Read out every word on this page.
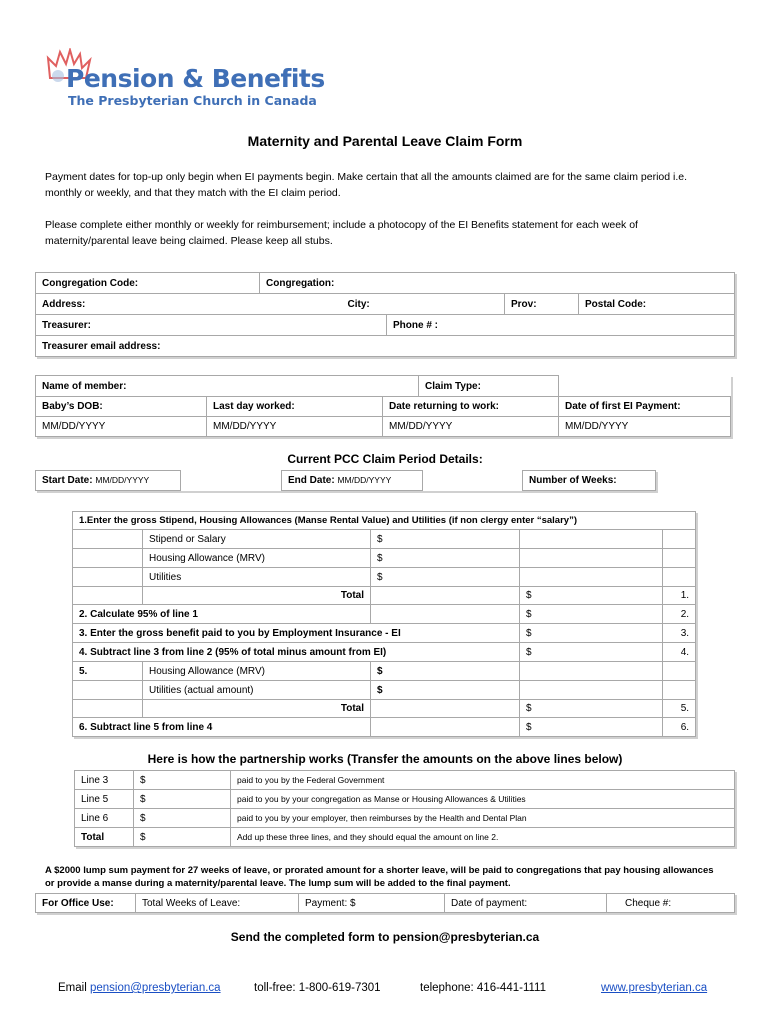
Pension & Benefits
The Presbyterian Church in Canada
Maternity and Parental Leave Claim Form
Payment dates for top-up only begin when EI payments begin. Make certain that all the amounts claimed are for the same claim period i.e. monthly or weekly, and that they match with the EI claim period.
Please complete either monthly or weekly for reimbursement; include a photocopy of the EI Benefits statement for each week of maternity/parental leave being claimed. Please keep all stubs.
Congregation Code:	Congregation:				
Address:		City:		Prov:	Postal Code:
Treasurer:			Phone # :		
Treasurer email address:					
Name of member:			Claim Type:	
Baby’s DOB:	Last day worked:	Date returning to work:		Date of first EI Payment:
MM/DD/YYYY	MM/DD/YYYY	MM/DD/YYYY		MM/DD/YYYY
Current PCC Claim Period Details:
Start Date: MM/DD/YYYY		End Date: MM/DD/YYYY		Number of Weeks:
1.Enter the gross Stipend, Housing Allowances (Manse Rental Value) and Utilities (if non clergy enter “salary”)				
	Stipend or Salary	$		
	Housing Allowance (MRV)	$		
	Utilities	$		
	Total		$	1.
2. Calculate 95% of line 1			$	2.
3. Enter the gross benefit paid to you by Employment Insurance - EI			$	3.
4. Subtract line 3 from line 2 (95% of total minus amount from EI)			$	4.
5.	Housing Allowance (MRV)	$		
	Utilities (actual amount)	$		
	Total		$	5.
6. Subtract line 5 from line 4			$	6.
Here is how the partnership works (Transfer the amounts on the above lines below)
Line 3	$	paid to you by the Federal Government
Line 5	$	paid to you by your congregation as Manse or Housing Allowances & Utilities
Line 6	$	paid to you by your employer, then reimburses by the Health and Dental Plan
Total	$	Add up these three lines, and they should equal the amount on line 2.
A $2000 lump sum payment for 27 weeks of leave, or prorated amount for a shorter leave, will be paid to congregations that pay housing allowances or provide a manse during a maternity/parental leave. The lump sum will be added to the final payment.
For Office Use:	Total Weeks of Leave:	Payment: $	Date of payment:	Cheque #:
Send the completed form to pension@presbyterian.ca
Email pension@presbyterian.ca	toll-free: 1-800-619-7301	telephone: 416-441-1111	www.presbyterian.ca
